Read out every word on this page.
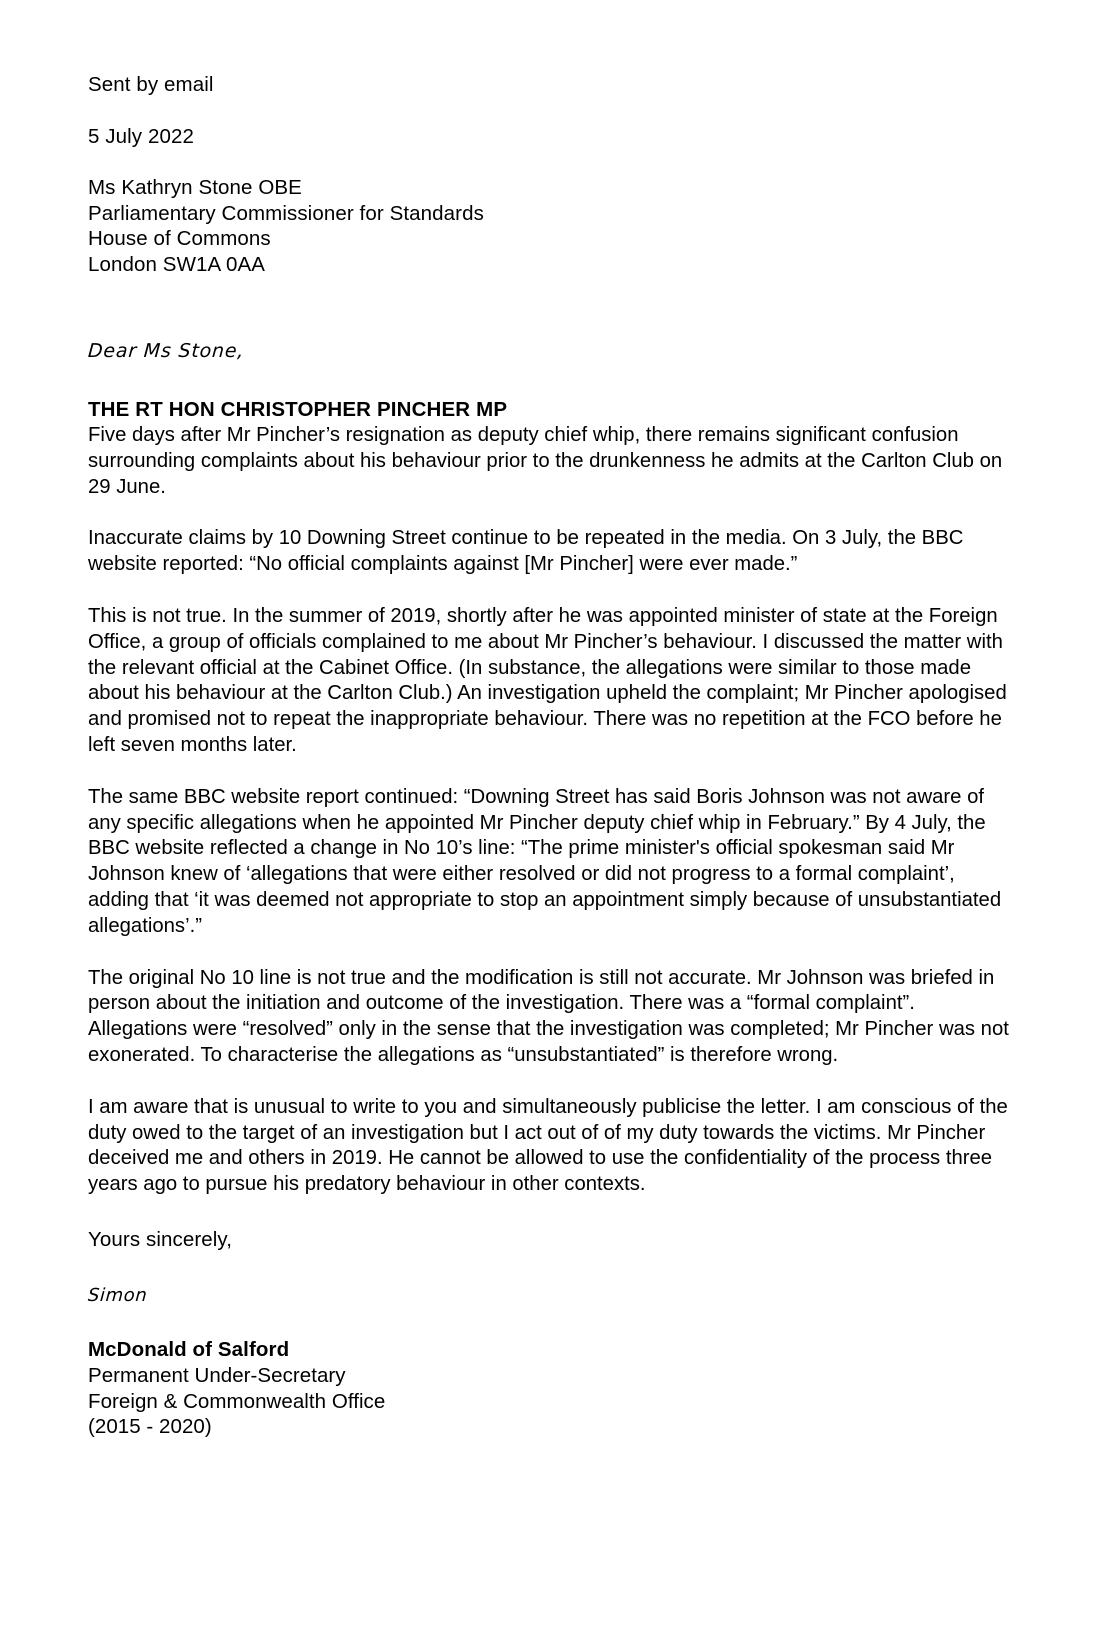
Sent by email
5 July 2022
Ms Kathryn Stone OBE
Parliamentary Commissioner for Standards
House of Commons
London SW1A 0AA
Dear Ms Stone,
THE RT HON CHRISTOPHER PINCHER MP

Five days after Mr Pincher’s resignation as deputy chief whip, there remains significant confusion surrounding complaints about his behaviour prior to the drunkenness he admits at the Carlton Club on 29 June.

Inaccurate claims by 10 Downing Street continue to be repeated in the media. On 3 July, the BBC website reported: “No official complaints against [Mr Pincher] were ever made.”

This is not true. In the summer of 2019, shortly after he was appointed minister of state at the Foreign Office, a group of officials complained to me about Mr Pincher’s behaviour. I discussed the matter with the relevant official at the Cabinet Office. (In substance, the allegations were similar to those made about his behaviour at the Carlton Club.) An investigation upheld the complaint; Mr Pincher apologised and promised not to repeat the inappropriate behaviour. There was no repetition at the FCO before he left seven months later.

The same BBC website report continued: “Downing Street has said Boris Johnson was not aware of any specific allegations when he appointed Mr Pincher deputy chief whip in February.” By 4 July, the BBC website reflected a change in No 10’s line: “The prime minister's official spokesman said Mr Johnson knew of ‘allegations that were either resolved or did not progress to a formal complaint’, adding that ‘it was deemed not appropriate to stop an appointment simply because of unsubstantiated allegations’.”

The original No 10 line is not true and the modification is still not accurate. Mr Johnson was briefed in person about the initiation and outcome of the investigation. There was a “formal complaint”. Allegations were “resolved” only in the sense that the investigation was completed; Mr Pincher was not exonerated. To characterise the allegations as “unsubstantiated” is therefore wrong.

I am aware that is unusual to write to you and simultaneously publicise the letter. I am conscious of the duty owed to the target of an investigation but I act out of of my duty towards the victims. Mr Pincher deceived me and others in 2019. He cannot be allowed to use the confidentiality of the process three years ago to pursue his predatory behaviour in other contexts.

Yours sincerely,
Simon
McDonald of Salford
Permanent Under-Secretary
Foreign & Commonwealth Office
(2015 - 2020)
